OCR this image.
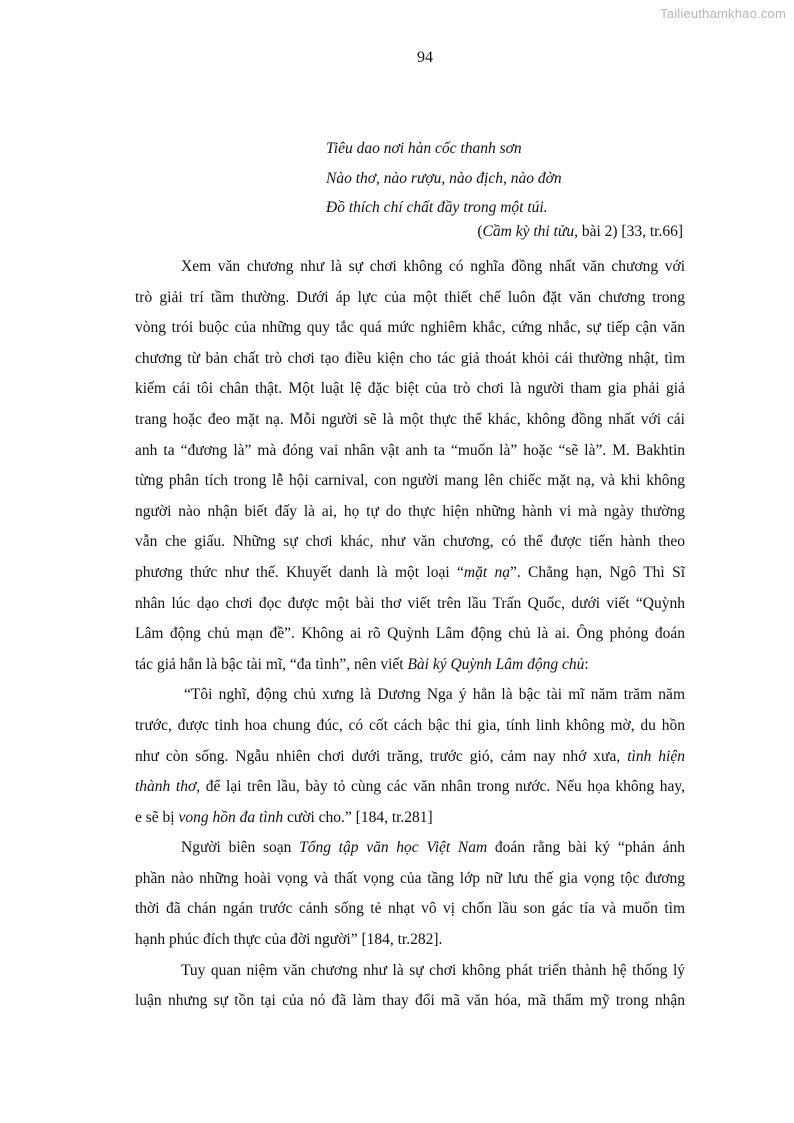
Tailieuthamkhao.com
94
Tiêu dao nơi hàn cốc thanh sơn
Nào thơ, nào rượu, nào địch, nào đờn
Đồ thích chí chất đầy trong một túi.
(Cầm kỳ thi tửu, bài 2) [33, tr.66]
Xem văn chương như là sự chơi không có nghĩa đồng nhất văn chương với
trò giải trí tầm thường. Dưới áp lực của một thiết chế luôn đặt văn chương trong
vòng trói buộc của những quy tắc quá mức nghiêm khắc, cứng nhắc, sự tiếp cận văn
chương từ bản chất trò chơi tạo điều kiện cho tác giả thoát khỏi cái thường nhật, tìm
kiếm cái tôi chân thật. Một luật lệ đặc biệt của trò chơi là người tham gia phải giả
trang hoặc đeo mặt nạ. Mỗi người sẽ là một thực thể khác, không đồng nhất với cái
anh ta “đương là” mà đóng vai nhân vật anh ta “muốn là” hoặc “sẽ là”. M. Bakhtin
từng phân tích trong lễ hội carnival, con người mang lên chiếc mặt nạ, và khi không
người nào nhận biết đấy là ai, họ tự do thực hiện những hành vi mà ngày thường
vẫn che giấu. Những sự chơi khác, như văn chương, có thể được tiến hành theo
phương thức như thế. Khuyết danh là một loại “mặt nạ”. Chẳng hạn, Ngô Thì Sĩ
nhân lúc dạo chơi đọc được một bài thơ viết trên lầu Trấn Quốc, dưới viết “Quỳnh
Lâm động chủ mạn đề”. Không ai rõ Quỳnh Lâm động chủ là ai. Ông phỏng đoán
tác giả hẳn là bậc tài mĩ, “đa tình”, nên viết Bài ký Quỳnh Lâm động chủ:
“Tôi nghĩ, động chủ xưng là Dương Nga ý hẳn là bậc tài mĩ năm trăm năm
trước, được tinh hoa chung đúc, có cốt cách bậc thi gia, tính linh không mờ, du hồn
như còn sống. Ngẫu nhiên chơi dưới trăng, trước gió, cảm nay nhớ xưa, tình hiện
thành thơ, để lại trên lầu, bày tỏ cùng các văn nhân trong nước. Nếu họa không hay,
e sẽ bị vong hồn đa tình cười cho.” [184, tr.281]
Người biên soạn Tổng tập văn học Việt Nam đoán rằng bài ký “phản ánh
phần nào những hoài vọng và thất vọng của tầng lớp nữ lưu thế gia vọng tộc đương
thời đã chán ngán trước cảnh sống tẻ nhạt vô vị chốn lầu son gác tía và muốn tìm
hạnh phúc đích thực của đời người” [184, tr.282].
Tuy quan niệm văn chương như là sự chơi không phát triển thành hệ thống lý
luận nhưng sự tồn tại của nó đã làm thay đổi mã văn hóa, mã thẩm mỹ trong nhận
